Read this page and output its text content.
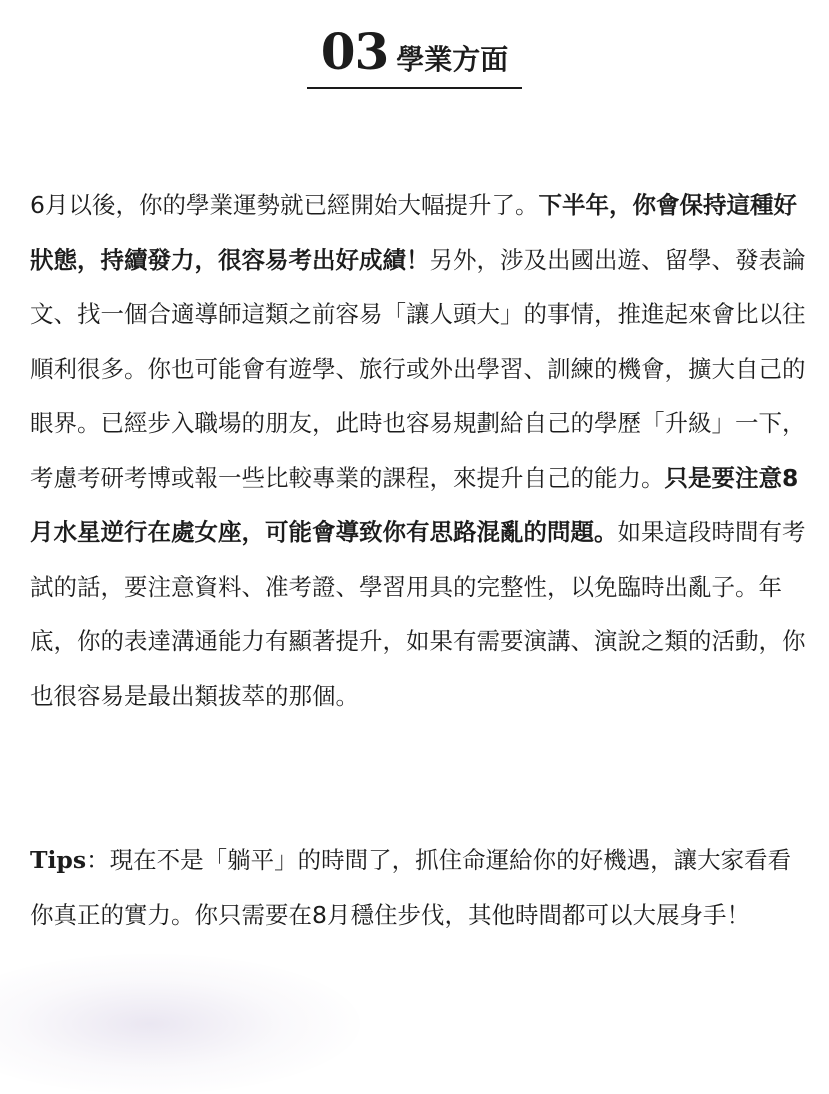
03 學業方面

6月以後，你的學業運勢就已經開始大幅提升了。下半年，你會保持這種好狀態，持續發力，很容易考出好成績！另外，涉及出國出遊、留學、發表論文、找一個合適導師這類之前容易「讓人頭大」的事情，推進起來會比以往順利很多。你也可能會有遊學、旅行或外出學習、訓練的機會，擴大自己的眼界。已經步入職場的朋友，此時也容易規劃給自己的學歷「升級」一下，考慮考研考博或報一些比較專業的課程，來提升自己的能力。只是要注意8月水星逆行在處女座，可能會導致你有思路混亂的問題。如果這段時間有考試的話，要注意資料、准考證、學習用具的完整性，以免臨時出亂子。年底，你的表達溝通能力有顯著提升，如果有需要演講、演說之類的活動，你也很容易是最出類拔萃的那個。

Tips：現在不是「躺平」的時間了，抓住命運給你的好機遇，讓大家看看你真正的實力。你只需要在8月穩住步伐，其他時間都可以大展身手！
